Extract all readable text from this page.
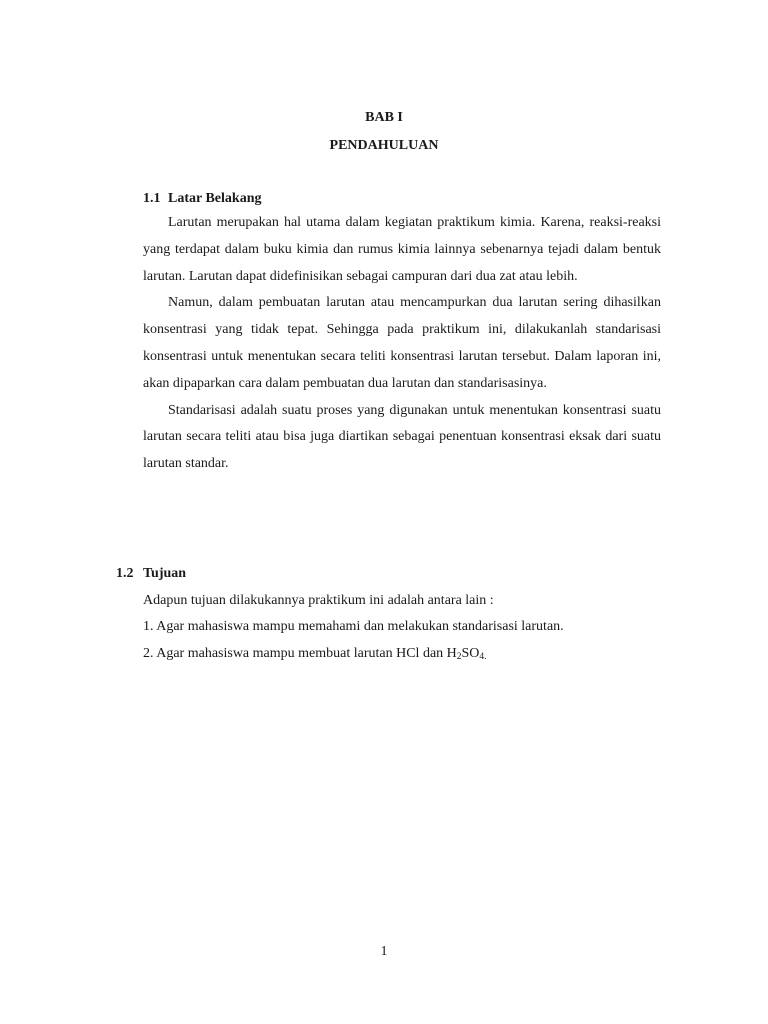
BAB I
PENDAHULUAN
1.1 Latar Belakang

Larutan merupakan hal utama dalam kegiatan praktikum kimia. Karena, reaksi-reaksi yang terdapat dalam buku kimia dan rumus kimia lainnya sebenarnya tejadi dalam bentuk larutan. Larutan dapat didefinisikan sebagai campuran dari dua zat atau lebih.

Namun, dalam pembuatan larutan atau mencampurkan dua larutan sering dihasilkan konsentrasi yang tidak tepat. Sehingga pada praktikum ini, dilakukanlah standarisasi konsentrasi untuk menentukan secara teliti konsentrasi larutan tersebut. Dalam laporan ini, akan dipaparkan cara dalam pembuatan dua larutan dan standarisasinya.

Standarisasi adalah suatu proses yang digunakan untuk menentukan konsentrasi suatu larutan secara teliti atau bisa juga diartikan sebagai penentuan konsentrasi eksak dari suatu larutan standar.

1.2 Tujuan

Adapun tujuan dilakukannya praktikum ini adalah antara lain :

1. Agar mahasiswa mampu memahami dan melakukan standarisasi larutan.

2. Agar mahasiswa mampu membuat larutan HCl dan $H_2SO_{4.}$

1
